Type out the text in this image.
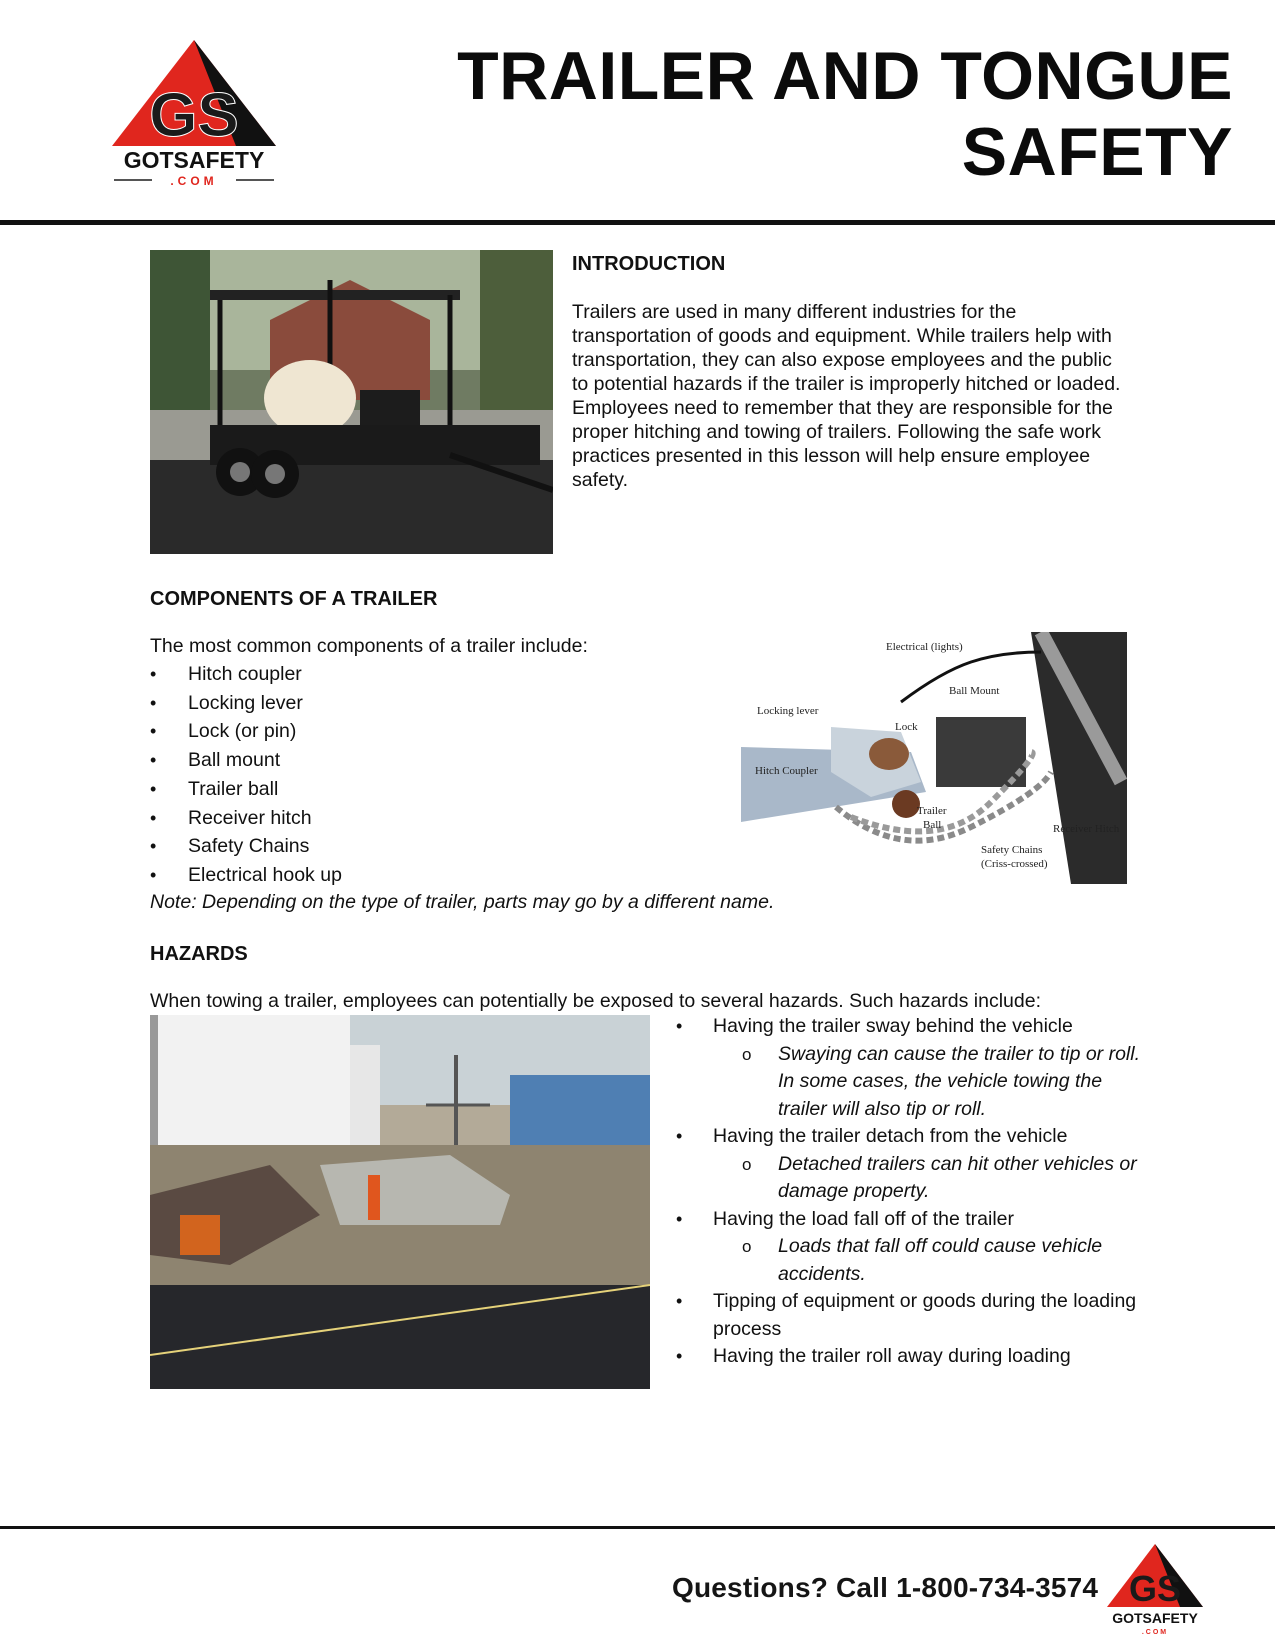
GS
GOTSAFETY
.COM
TRAILER AND TONGUE
SAFETY
INTRODUCTION
Trailers are used in many different industries for the transportation of goods and equipment. While trailers help with transportation, they can also expose employees and the public to potential hazards if the trailer is improperly hitched or loaded. Employees need to remember that they are responsible for the proper hitching and towing of trailers. Following the safe work practices presented in this lesson will help ensure employee safety.
COMPONENTS OF A TRAILER
The most common components of a trailer include:
• Hitch coupler
• Locking lever
• Lock (or pin)
• Ball mount
• Trailer ball
• Receiver hitch
• Safety Chains
• Electrical hook up
Note: Depending on the type of trailer, parts may go by a different name.
Electrical (lights)
Ball Mount
Locking lever
Lock
Hitch Coupler
Trailer
Ball	Receiver Hitch
Safety Chains
(Criss-crossed)
HAZARDS
When towing a trailer, employees can potentially be exposed to several hazards. Such hazards include:
• Having the trailer sway behind the vehicle
o Swaying can cause the trailer to tip or roll. In some cases, the vehicle towing the trailer will also tip or roll.
• Having the trailer detach from the vehicle
o Detached trailers can hit other vehicles or damage property.
• Having the load fall off of the trailer
o Loads that fall off could cause vehicle accidents.
• Tipping of equipment or goods during the loading process
• Having the trailer roll away during loading
Questions? Call 1-800-734-3574 GS
GOTSAFETY
.COM
